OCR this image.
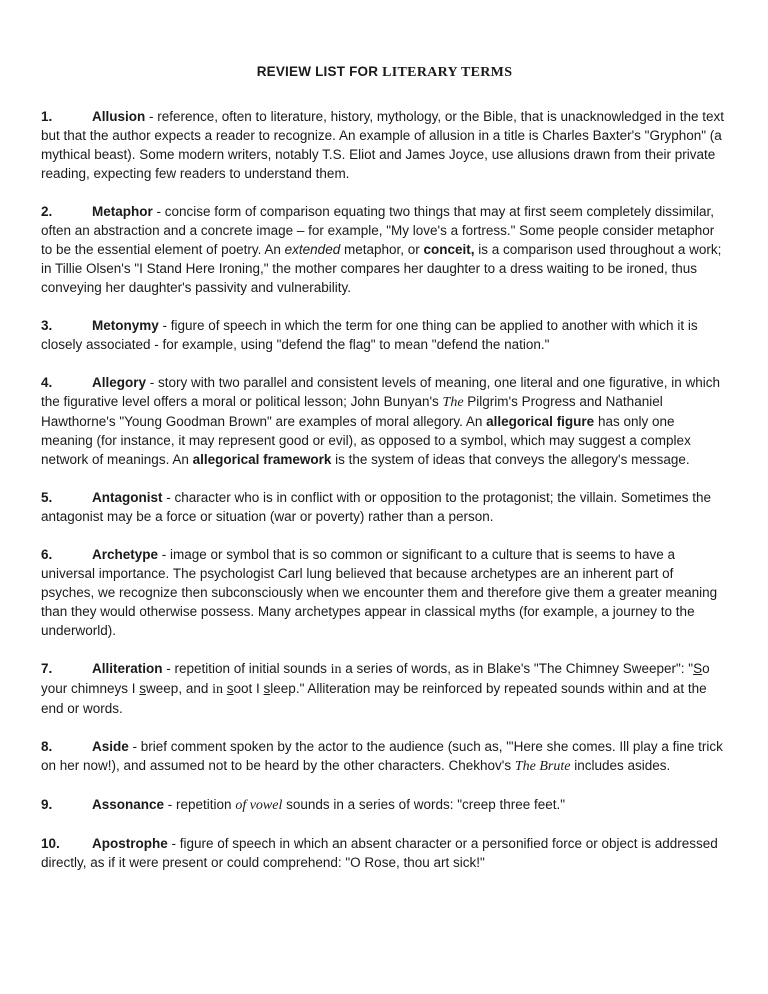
REVIEW LIST FOR LITERARY TERMS

1.	Allusion - reference, often to literature, history, mythology, or the Bible, that is unacknowledged in the text but that the author expects a reader to recognize. An example of allusion in a title is Charles Baxter's "Gryphon" (a mythical beast). Some modern writers, notably T.S. Eliot and James Joyce, use allusions drawn from their private reading, expecting few readers to understand them.

2.	Metaphor - concise form of comparison equating two things that may at first seem completely dissimilar, often an abstraction and a concrete image – for example, "My love's a fortress." Some people consider metaphor to be the essential element of poetry. An extended metaphor, or conceit, is a comparison used throughout a work; in Tillie Olsen's "I Stand Here Ironing," the mother compares her daughter to a dress waiting to be ironed, thus conveying her daughter's passivity and vulnerability.

3.	Metonymy - figure of speech in which the term for one thing can be applied to another with which it is closely associated - for example, using "defend the flag" to mean "defend the nation."

4.	Allegory - story with two parallel and consistent levels of meaning, one literal and one figurative, in which the figurative level offers a moral or political lesson; John Bunyan's The Pilgrim's Progress and Nathaniel Hawthorne's "Young Goodman Brown" are examples of moral allegory. An allegorical figure has only one meaning (for instance, it may represent good or evil), as opposed to a symbol, which may suggest a complex network of meanings. An allegorical framework is the system of ideas that conveys the allegory's message.

5.	Antagonist - character who is in conflict with or opposition to the protagonist; the villain. Sometimes the antagonist may be a force or situation (war or poverty) rather than a person.

6.	Archetype - image or symbol that is so common or significant to a culture that is seems to have a universal importance. The psychologist Carl lung believed that because archetypes are an inherent part of psyches, we recognize then subconsciously when we encounter them and therefore give them a greater meaning than they would otherwise possess. Many archetypes appear in classical myths (for example, a journey to the underworld).

7.	Alliteration - repetition of initial sounds in a series of words, as in Blake's "The Chimney Sweeper": "So your chimneys I sweep, and in soot I sleep." Alliteration may be reinforced by repeated sounds within and at the end or words.

8.	Aside - brief comment spoken by the actor to the audience (such as, "'Here she comes. Ill play a fine trick on her now!), and assumed not to be heard by the other characters. Chekhov's The Brute includes asides.

9.	Assonance - repetition of vowel sounds in a series of words: "creep three feet."

10. Apostrophe - figure of speech in which an absent character or a personified force or object is addressed directly, as if it were present or could comprehend: "O Rose, thou art sick!"
